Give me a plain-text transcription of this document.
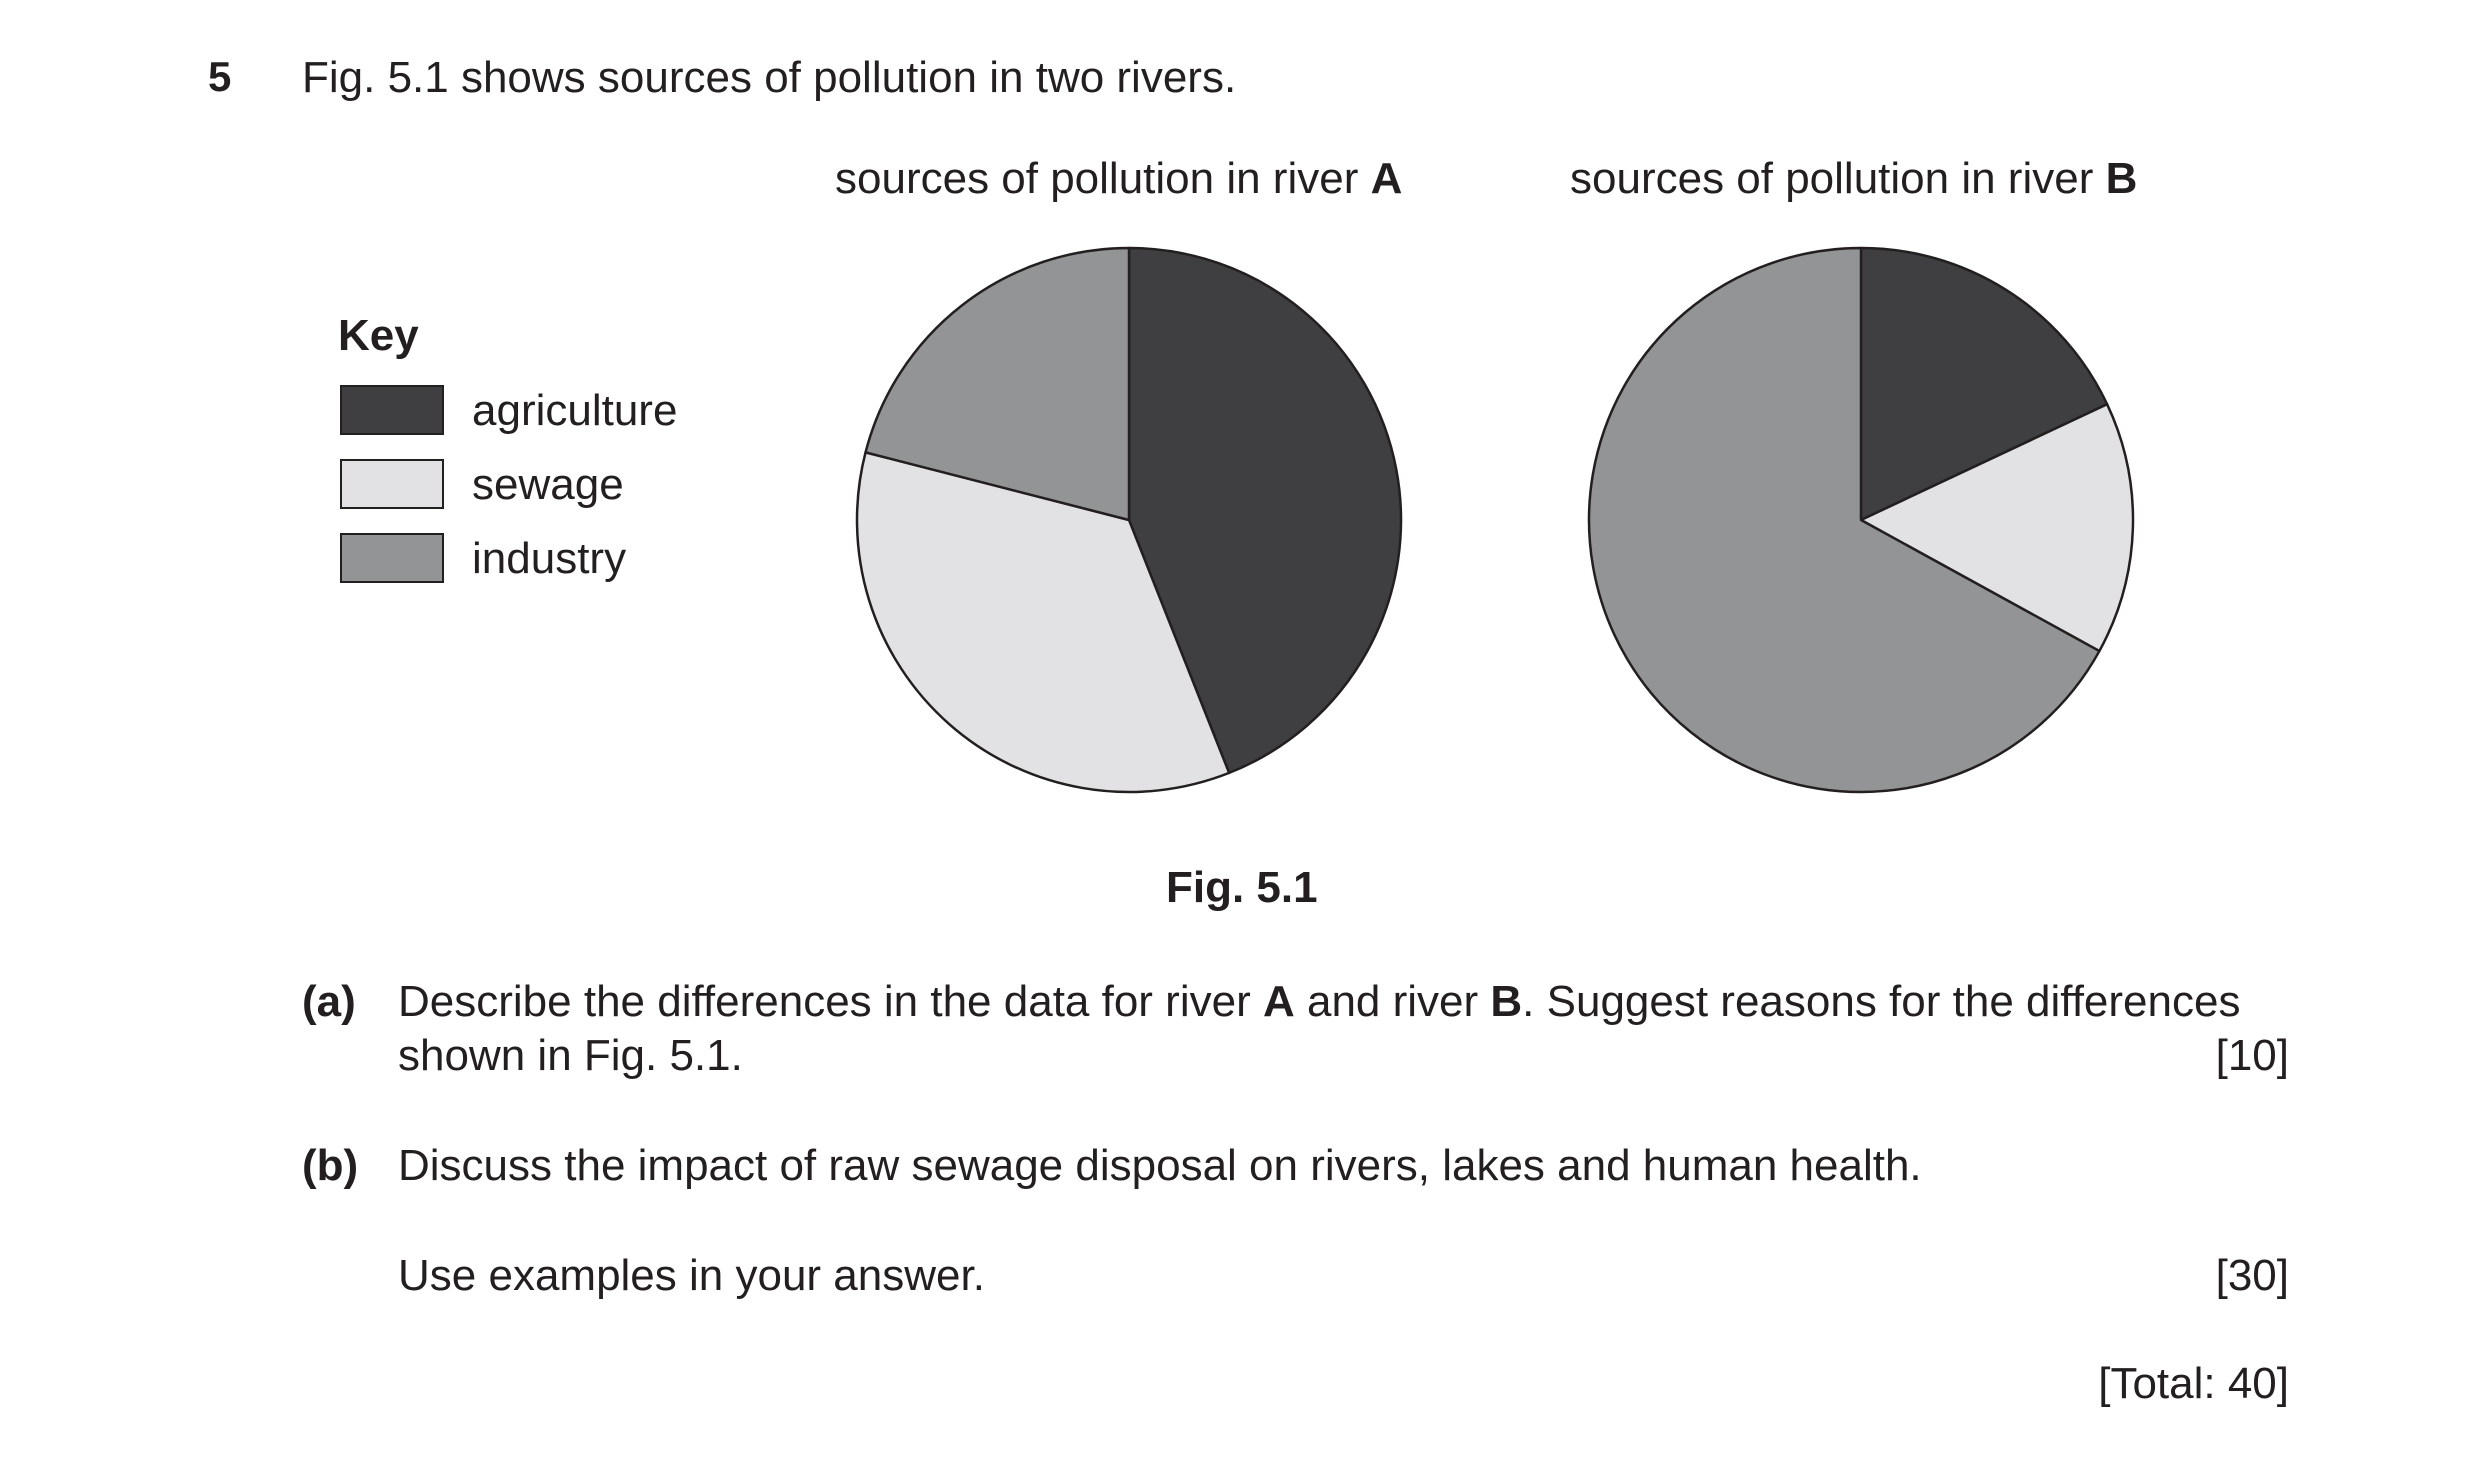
5 Fig. 5.1 shows sources of pollution in two rivers.
sources of pollution in river A	sources of pollution in river B
Key
agriculture
sewage
industry
Fig. 5.1
(a) Describe the differences in the data for river A and river B. Suggest reasons for the differences
shown in Fig. 5.1.	[10]
(b) Discuss the impact of raw sewage disposal on rivers, lakes and human health.
Use examples in your answer.	[30]
[Total: 40]
